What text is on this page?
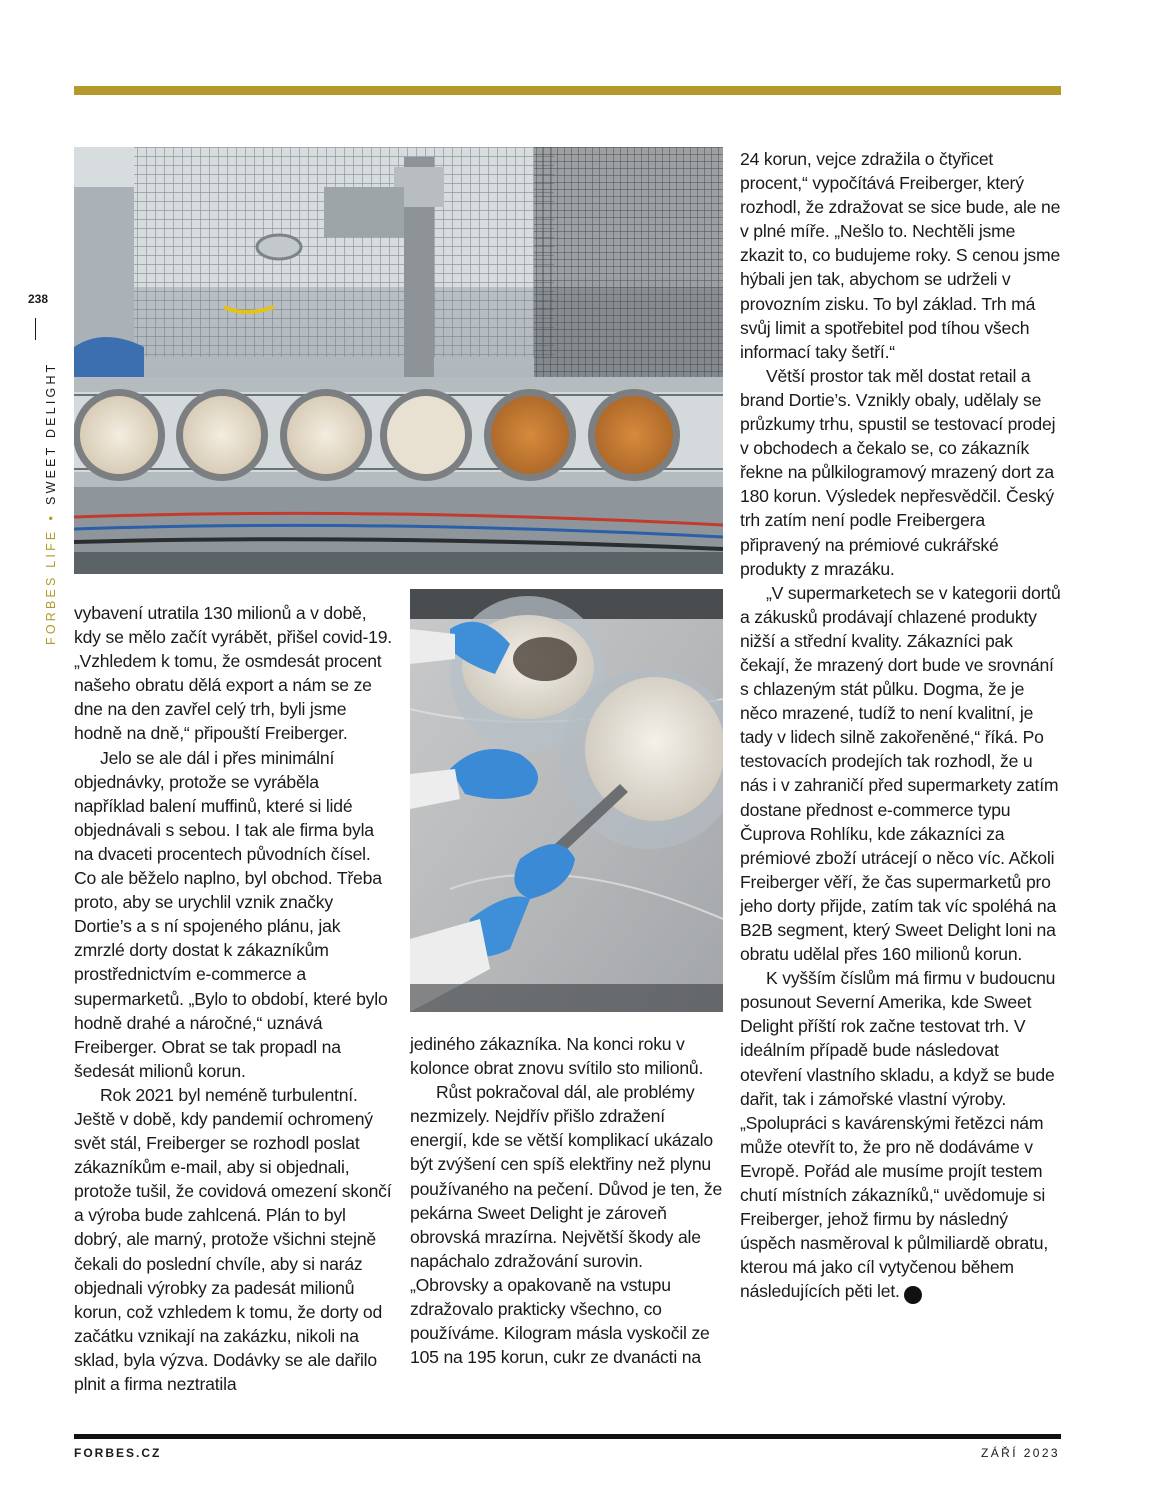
238
FORBES LIFE•SWEET DELIGHT

vybavení utratila 130 milionů a v době, kdy se mělo začít vyrábět, přišel covid-19. „Vzhledem k tomu, že osmdesát procent našeho obratu dělá export a nám se ze dne na den zavřel celý trh, byli jsme hodně na dně,“ připouští Freiberger.

Jelo se ale dál i přes minimální objednávky, protože se vyráběla například balení muffinů, které si lidé objednávali s sebou. I tak ale firma byla na dvaceti procentech původních čísel. Co ale běželo naplno, byl obchod. Třeba proto, aby se urychlil vznik značky Dortie’s a s ní spojeného plánu, jak zmrzlé dorty dostat k zákazníkům prostřednictvím e-commerce a supermarketů. „Bylo to období, které bylo hodně drahé a náročné,“ uznává Freiberger. Obrat se tak propadl na šedesát milionů korun.

Rok 2021 byl neméně turbulentní. Ještě v době, kdy pandemií ochromený svět stál, Freiberger se rozhodl poslat zákazníkům e-mail, aby si objednali, protože tušil, že covidová omezení skončí a výroba bude zahlcená. Plán to byl dobrý, ale marný, protože všichni stejně čekali do poslední chvíle, aby si naráz objednali výrobky za padesát milionů korun, což vzhledem k tomu, že dorty od začátku vznikají na zakázku, nikoli na sklad, byla výzva. Dodávky se ale dařilo plnit a firma neztratila

jediného zákazníka. Na konci roku v kolonce obrat znovu svítilo sto milionů.

Růst pokračoval dál, ale problémy nezmizely. Nejdřív přišlo zdražení energií, kde se větší komplikací ukázalo být zvýšení cen spíš elektřiny než plynu používaného na pečení. Důvod je ten, že pekárna Sweet Delight je zároveň obrovská mrazírna. Největší škody ale napáchalo zdražování surovin. „Obrovsky a opakovaně na vstupu zdražovalo prakticky všechno, co používáme. Kilogram másla vyskočil ze 105 na 195 korun, cukr ze dvanácti na

24 korun, vejce zdražila o čtyřicet procent,“ vypočítává Freiberger, který rozhodl, že zdražovat se sice bude, ale ne v plné míře. „Nešlo to. Nechtěli jsme zkazit to, co budujeme roky. S cenou jsme hýbali jen tak, abychom se udrželi v provozním zisku. To byl základ. Trh má svůj limit a spotřebitel pod tíhou všech informací taky šetří.“

Větší prostor tak měl dostat retail a brand Dortie’s. Vznikly obaly, udělaly se průzkumy trhu, spustil se testovací prodej v obchodech a čekalo se, co zákazník řekne na půlkilogramový mrazený dort za 180 korun. Výsledek nepřesvědčil. Český trh zatím není podle Freibergera připravený na prémiové cukrářské produkty z mrazáku.

„V supermarketech se v kategorii dortů a zákusků prodávají chlazené produkty nižší a střední kvality. Zákazníci pak čekají, že mrazený dort bude ve srovnání s chlazeným stát půlku. Dogma, že je něco mrazené, tudíž to není kvalitní, je tady v lidech silně zakořeněné,“ říká. Po testovacích prodejích tak rozhodl, že u nás i v zahraničí před supermarkety zatím dostane přednost e-commerce typu Čuprova Rohlíku, kde zákazníci za prémiové zboží utrácejí o něco víc. Ačkoli Freiberger věří, že čas supermarketů pro jeho dorty přijde, zatím tak víc spoléhá na B2B segment, který Sweet Delight loni na obratu udělal přes 160 milionů korun.

K vyšším číslům má firmu v budoucnu posunout Severní Amerika, kde Sweet Delight příští rok začne testovat trh. V ideálním případě bude následovat otevření vlastního skladu, a když se bude dařit, tak i zámořské vlastní výroby. „Spolupráci s kavárenskými řetězci nám může otevřít to, že pro ně dodáváme v Evropě. Pořád ale musíme projít testem chutí místních zákazníků,“ uvědomuje si Freiberger, jehož firmu by následný úspěch nasměroval k půlmiliardě obratu, kterou má jako cíl vytyčenou během následujících pěti let. F

FORBES.CZ	ZÁŘÍ 2023
